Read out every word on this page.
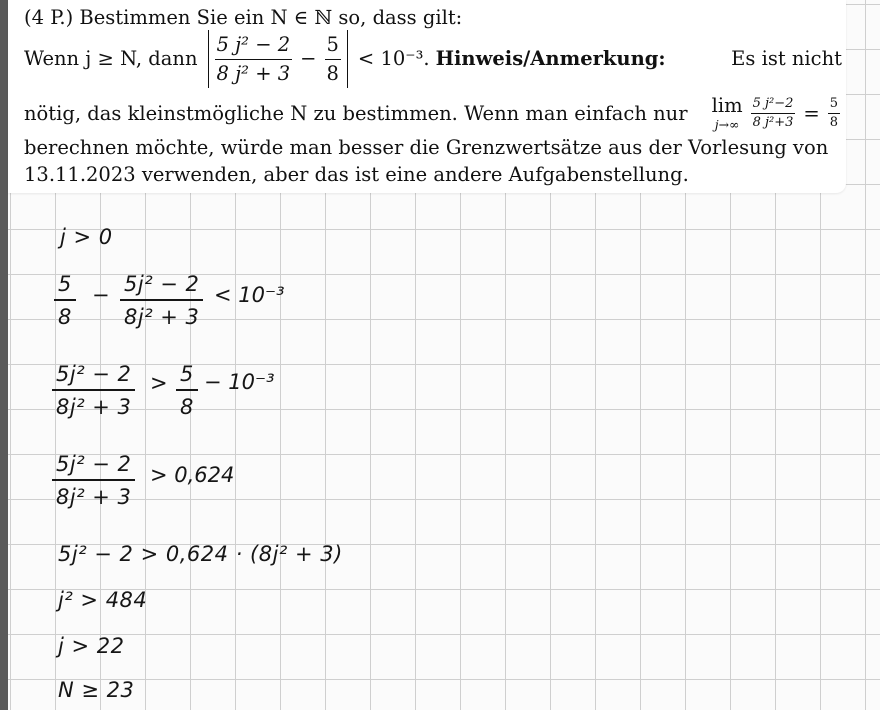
(4 P.) Bestimmen Sie ein N ∈ ℕ so, dass gilt:
Wenn j ≥ N, dann $\frac{\text{5 j² − 2}}{\text{8 j² + 3}} - \frac{5}{8} < 10^{-3}$. Hinweis/Anmerkung:	Es ist nicht
nötig, das kleinstmögliche N zu bestimmen. Wenn man einfach nur lim
$j\to\infty \frac{\text{5 j²−2}}{\text{8 j²+3}} = \frac{5}{8}$
berechnen möchte, würde man besser die Grenzwertsätze aus der Vorlesung von
13.11.2023 verwenden, aber das ist eine andere Aufgabenstellung.
j > 0
$\frac{5}{8} - \frac{\text{5j² − 2}}{\text{8j² + 3}} < 10^{-3}$
$\frac{\text{5j² − 2}}{\text{8j² + 3}} > \frac{5}{8} - 10^{-3}$
$\frac{\text{5j² − 2}}{\text{8j² + 3}} > 0,624$
5j² − 2 > 0,624 · (8j² + 3)
j² > 484
j > 22
N ≥ 23
